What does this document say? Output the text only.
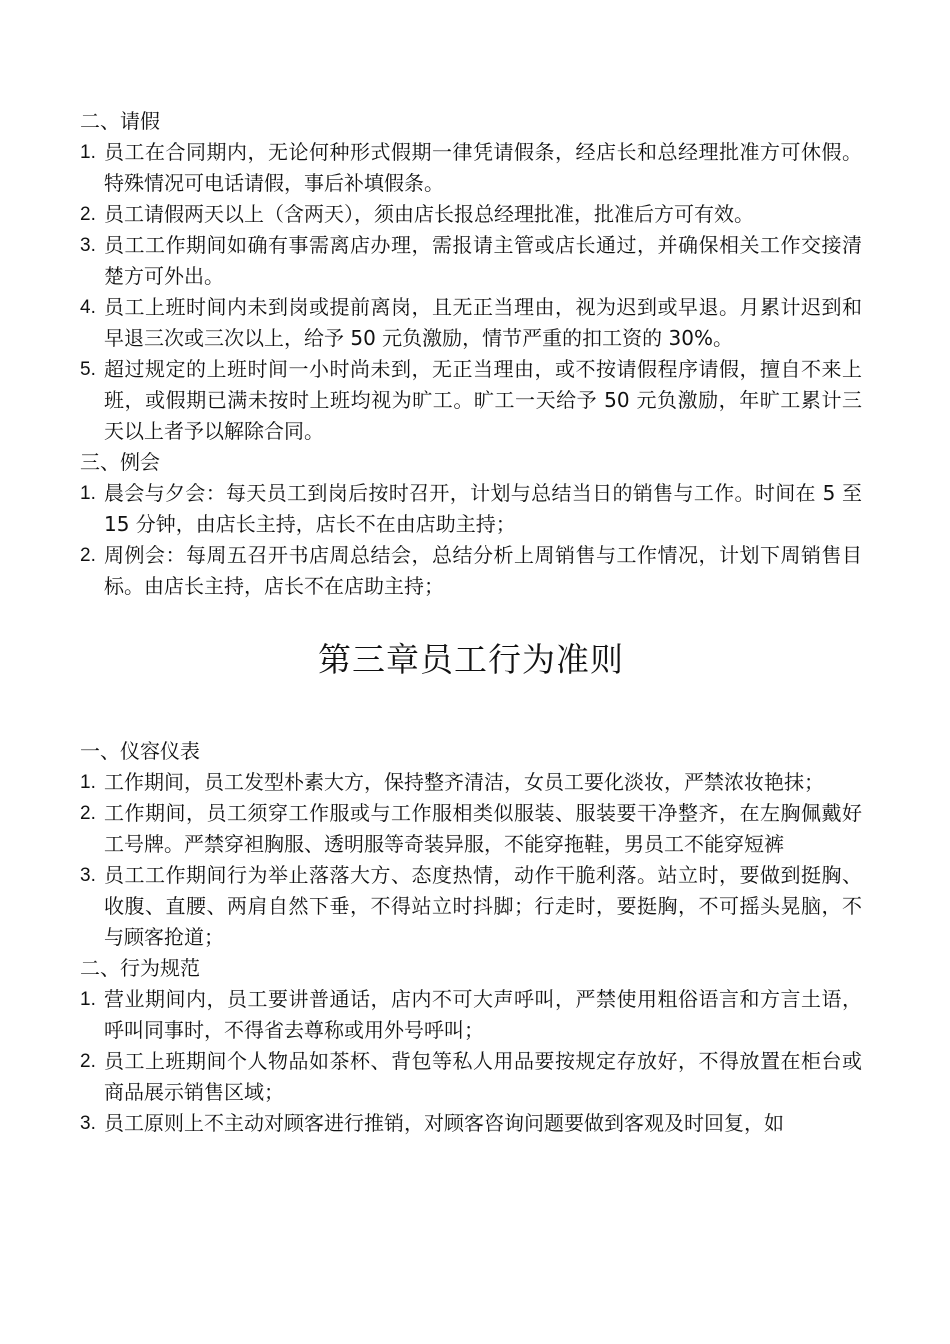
二、请假
1. 员工在合同期内，无论何种形式假期一律凭请假条，经店长和总经理批准方可休假。特殊情况可电话请假，事后补填假条。
2. 员工请假两天以上（含两天），须由店长报总经理批准，批准后方可有效。
3. 员工工作期间如确有事需离店办理，需报请主管或店长通过，并确保相关工作交接清楚方可外出。
4. 员工上班时间内未到岗或提前离岗，且无正当理由，视为迟到或早退。月累计迟到和早退三次或三次以上，给予 50 元负激励，情节严重的扣工资的 30%。
5. 超过规定的上班时间一小时尚未到，无正当理由，或不按请假程序请假，擅自不来上班，或假期已满未按时上班均视为旷工。旷工一天给予 50 元负激励，年旷工累计三天以上者予以解除合同。
三、例会
1. 晨会与夕会：每天员工到岗后按时召开，计划与总结当日的销售与工作。时间在 5 至 15 分钟，由店长主持，店长不在由店助主持；
2. 周例会：每周五召开书店周总结会，总结分析上周销售与工作情况，计划下周销售目标。由店长主持，店长不在店助主持；
第三章员工行为准则
一、仪容仪表
1. 工作期间，员工发型朴素大方，保持整齐清洁，女员工要化淡妆，严禁浓妆艳抹；
2. 工作期间，员工须穿工作服或与工作服相类似服装、服装要干净整齐，在左胸佩戴好工号牌。严禁穿袒胸服、透明服等奇装异服，不能穿拖鞋，男员工不能穿短裤
3. 员工工作期间行为举止落落大方、态度热情，动作干脆利落。站立时，要做到挺胸、收腹、直腰、两肩自然下垂，不得站立时抖脚；行走时，要挺胸，不可摇头晃脑，不与顾客抢道；
二、行为规范
1. 营业期间内，员工要讲普通话，店内不可大声呼叫，严禁使用粗俗语言和方言土语，呼叫同事时，不得省去尊称或用外号呼叫；
2. 员工上班期间个人物品如茶杯、背包等私人用品要按规定存放好，不得放置在柜台或商品展示销售区域；
3. 员工原则上不主动对顾客进行推销，对顾客咨询问题要做到客观及时回复，如
